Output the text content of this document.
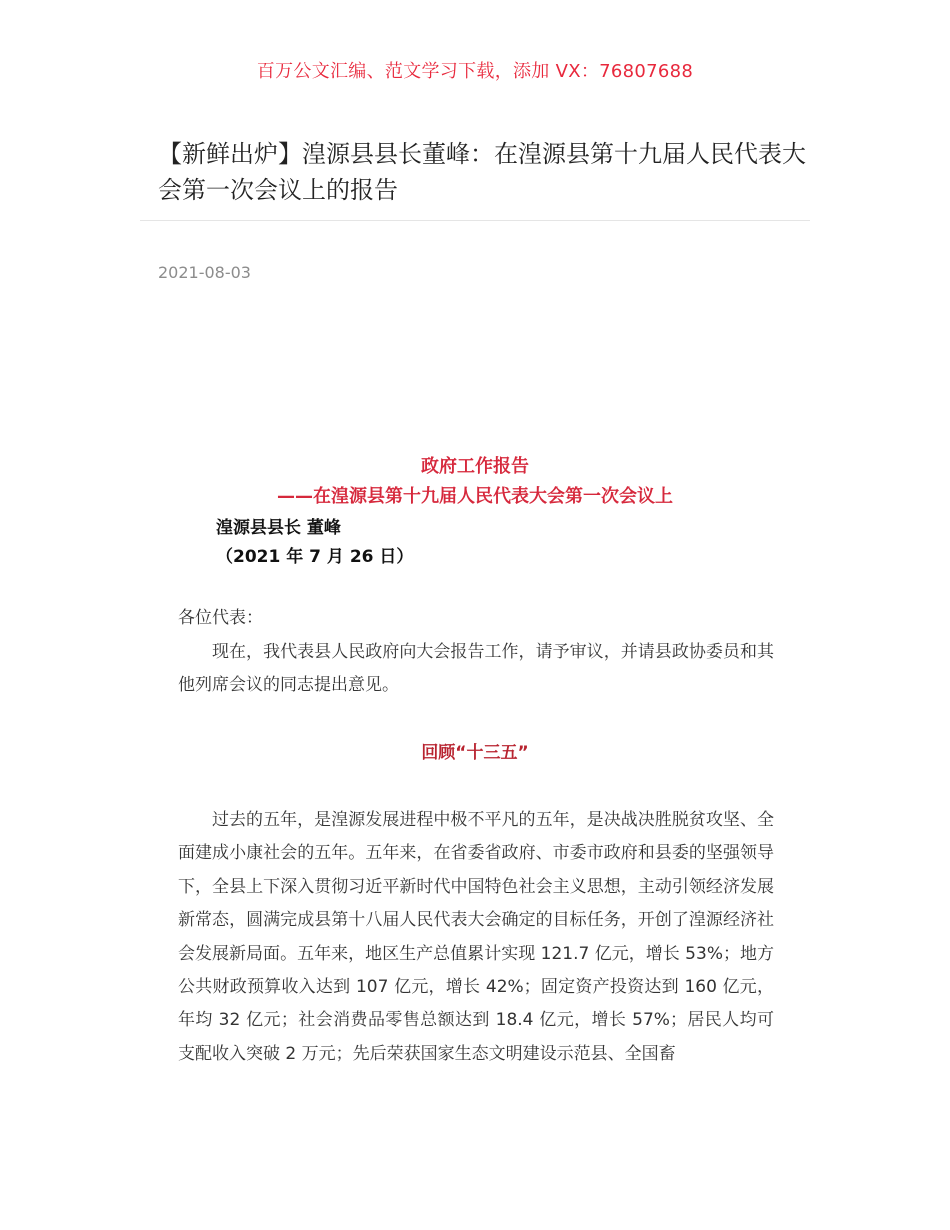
百万公文汇编、范文学习下载，添加 VX：76807688
【新鲜出炉】湟源县县长董峰：在湟源县第十九届人民代表大会第一次会议上的报告
2021-08-03
政府工作报告
——在湟源县第十九届人民代表大会第一次会议上
湟源县县长 董峰
（2021 年 7 月 26 日）
各位代表：

现在，我代表县人民政府向大会报告工作，请予审议，并请县政协委员和其他列席会议的同志提出意见。

回顾“十三五”

过去的五年，是湟源发展进程中极不平凡的五年，是决战决胜脱贫攻坚、全面建成小康社会的五年。五年来，在省委省政府、市委市政府和县委的坚强领导下，全县上下深入贯彻习近平新时代中国特色社会主义思想，主动引领经济发展新常态，圆满完成县第十八届人民代表大会确定的目标任务，开创了湟源经济社会发展新局面。五年来，地区生产总值累计实现 121.7 亿元，增长 53%；地方公共财政预算收入达到 107 亿元，增长 42%；固定资产投资达到 160 亿元，年均 32 亿元；社会消费品零售总额达到 18.4 亿元，增长 57%；居民人均可支配收入突破 2 万元；先后荣获国家生态文明建设示范县、全国畜
